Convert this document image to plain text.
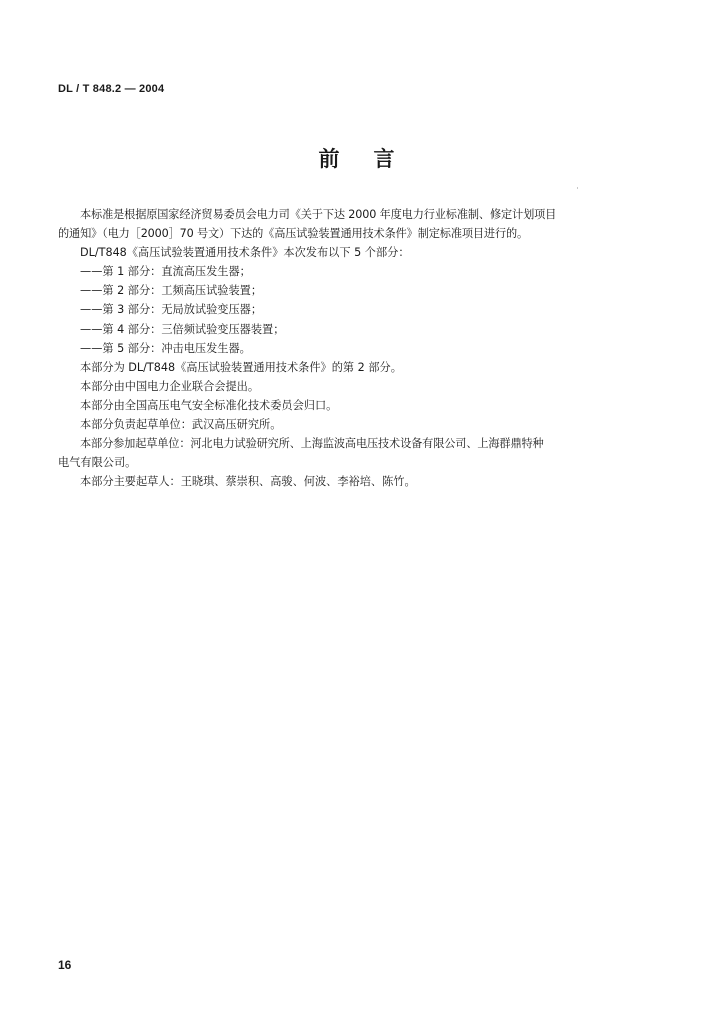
DL / T 848.2 — 2004
前言
本标准是根据原国家经济贸易委员会电力司《关于下达 2000 年度电力行业标准制、修定计划项目
的通知》（电力［2000］70 号文）下达的《高压试验装置通用技术条件》制定标准项目进行的。
DL/T848《高压试验装置通用技术条件》本次发布以下 5 个部分：
——第 1 部分：直流高压发生器；
——第 2 部分：工频高压试验装置；
——第 3 部分：无局放试验变压器；
——第 4 部分：三倍频试验变压器装置；
——第 5 部分：冲击电压发生器。
本部分为 DL/T848《高压试验装置通用技术条件》的第 2 部分。
本部分由中国电力企业联合会提出。
本部分由全国高压电气安全标准化技术委员会归口。
本部分负责起草单位：武汉高压研究所。
本部分参加起草单位：河北电力试验研究所、上海监波高电压技术设备有限公司、上海群鼎特种
电气有限公司。
本部分主要起草人：王晓琪、蔡崇积、高骏、何波、李裕培、陈竹。
16
